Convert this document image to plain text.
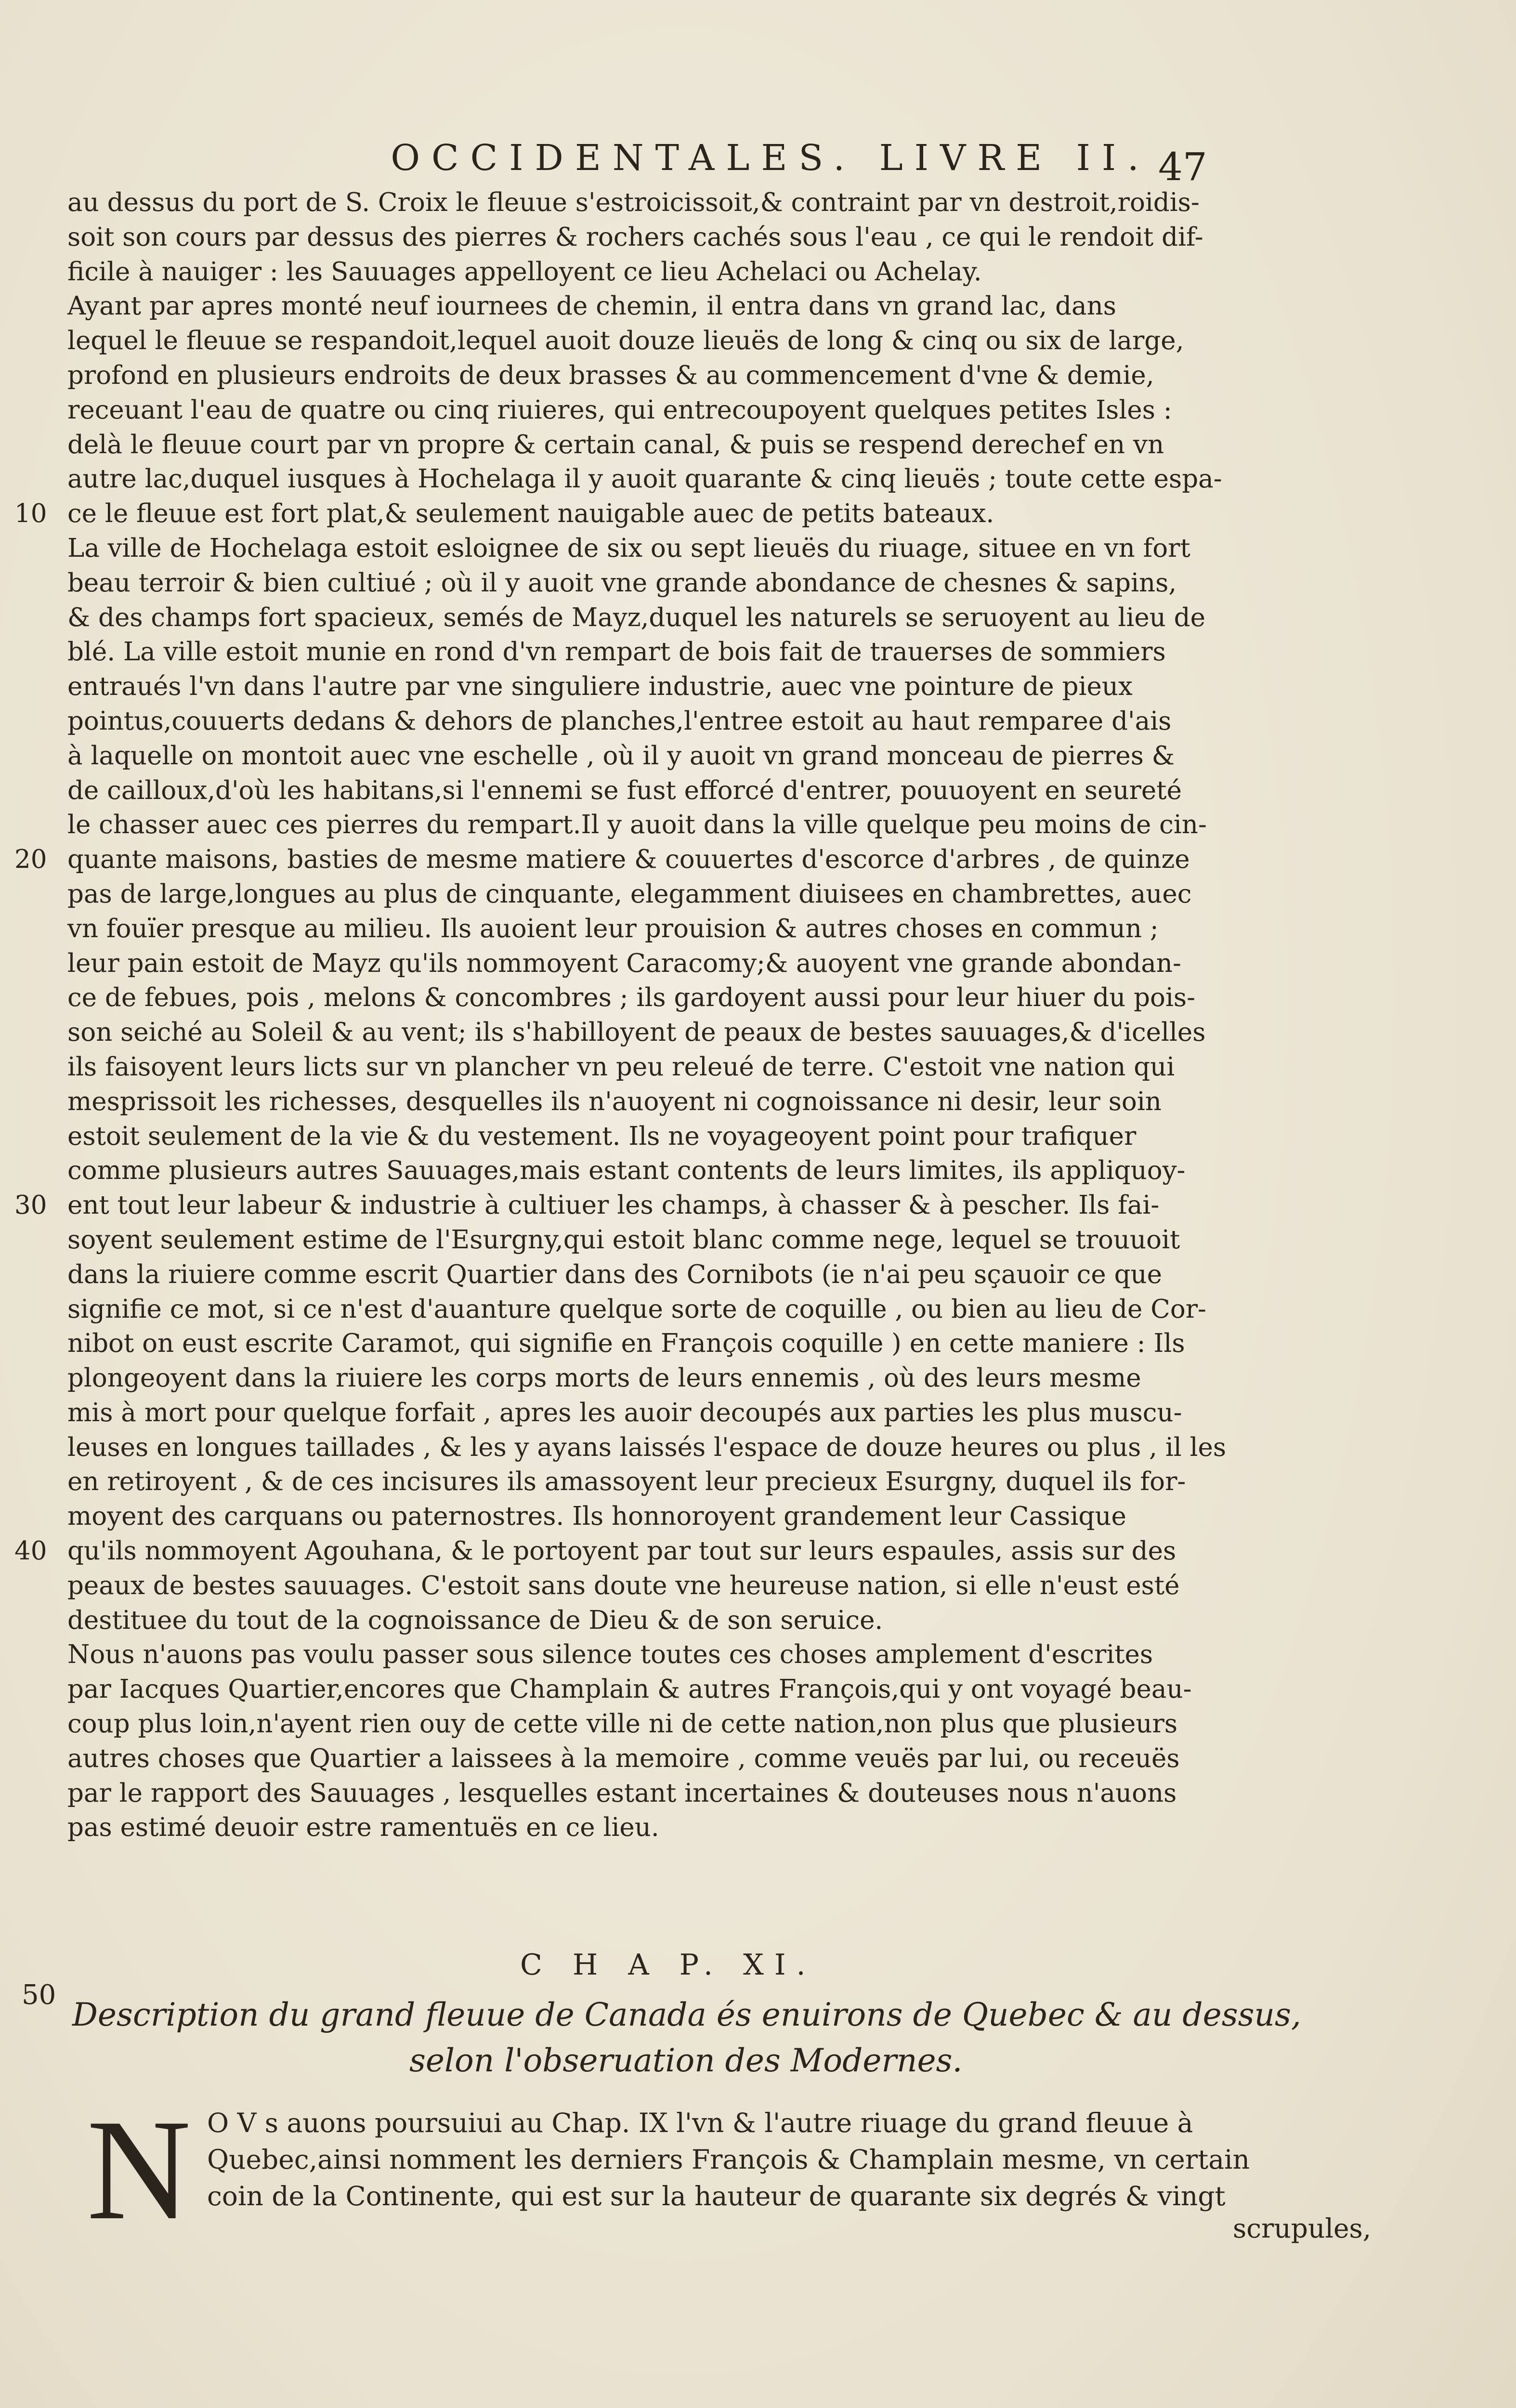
OCCIDENTALES. LIVRE II. 47
au dessus du port de S. Croix le fleuue s'estroicissoit,& contraint par vn destroit,roidis-
soit son cours par dessus des pierres & rochers cachés sous l'eau , ce qui le rendoit dif-
ficile à nauiger : les Sauuages appelloyent ce lieu Achelaci ou Achelay.
Ayant par apres monté neuf iournees de chemin, il entra dans vn grand lac, dans
lequel le fleuue se respandoit,lequel auoit douze lieuës de long & cinq ou six de large,
profond en plusieurs endroits de deux brasses & au commencement d'vne & demie,
receuant l'eau de quatre ou cinq riuieres, qui entrecoupoyent quelques petites Isles :
delà le fleuue court par vn propre & certain canal, & puis se respend derechef en vn
autre lac,duquel iusques à Hochelaga il y auoit quarante & cinq lieuës ; toute cette espa-
10 ce le fleuue est fort plat,& seulement nauigable auec de petits bateaux.
La ville de Hochelaga estoit esloignee de six ou sept lieuës du riuage, situee en vn fort
beau terroir & bien cultiué ; où il y auoit vne grande abondance de chesnes & sapins,
& des champs fort spacieux, semés de Mayz,duquel les naturels se seruoyent au lieu de
blé. La ville estoit munie en rond d'vn rempart de bois fait de trauerses de sommiers
entraués l'vn dans l'autre par vne singuliere industrie, auec vne pointure de pieux
pointus,couuerts dedans & dehors de planches,l'entree estoit au haut remparee d'ais
à laquelle on montoit auec vne eschelle , où il y auoit vn grand monceau de pierres &
de cailloux,d'où les habitans,si l'ennemi se fust efforcé d'entrer, pouuoyent en seureté
le chasser auec ces pierres du rempart.Il y auoit dans la ville quelque peu moins de cin-
20 quante maisons, basties de mesme matiere & couuertes d'escorce d'arbres , de quinze
pas de large,longues au plus de cinquante, elegamment diuisees en chambrettes, auec
vn fouïer presque au milieu. Ils auoient leur prouision & autres choses en commun ;
leur pain estoit de Mayz qu'ils nommoyent Caracomy;& auoyent vne grande abondan-
ce de febues, pois , melons & concombres ; ils gardoyent aussi pour leur hiuer du pois-
son seiché au Soleil & au vent; ils s'habilloyent de peaux de bestes sauuages,& d'icelles
ils faisoyent leurs licts sur vn plancher vn peu releué de terre. C'estoit vne nation qui
mesprissoit les richesses, desquelles ils n'auoyent ni cognoissance ni desir, leur soin
estoit seulement de la vie & du vestement. Ils ne voyageoyent point pour trafiquer
comme plusieurs autres Sauuages,mais estant contents de leurs limites, ils appliquoy-
30 ent tout leur labeur & industrie à cultiuer les champs, à chasser & à pescher. Ils fai-
soyent seulement estime de l'Esurgny,qui estoit blanc comme nege, lequel se trouuoit
dans la riuiere comme escrit Quartier dans des Cornibots (ie n'ai peu sçauoir ce que
signifie ce mot, si ce n'est d'auanture quelque sorte de coquille , ou bien au lieu de Cor-
nibot on eust escrite Caramot, qui signifie en François coquille ) en cette maniere : Ils
plongeoyent dans la riuiere les corps morts de leurs ennemis , où des leurs mesme
mis à mort pour quelque forfait , apres les auoir decoupés aux parties les plus muscu-
leuses en longues taillades , & les y ayans laissés l'espace de douze heures ou plus , il les
en retiroyent , & de ces incisures ils amassoyent leur precieux Esurgny, duquel ils for-
moyent des carquans ou paternostres. Ils honnoroyent grandement leur Cassique
40 qu'ils nommoyent Agouhana, & le portoyent par tout sur leurs espaules, assis sur des
peaux de bestes sauuages. C'estoit sans doute vne heureuse nation, si elle n'eust esté
destituee du tout de la cognoissance de Dieu & de son seruice.
Nous n'auons pas voulu passer sous silence toutes ces choses amplement d'escrites
par Iacques Quartier,encores que Champlain & autres François,qui y ont voyagé beau-
coup plus loin,n'ayent rien ouy de cette ville ni de cette nation,non plus que plusieurs
autres choses que Quartier a laissees à la memoire , comme veuës par lui, ou receuës
par le rapport des Sauuages , lesquelles estant incertaines & douteuses nous n'auons
pas estimé deuoir estre ramentuës en ce lieu.
C H A P. XI.
50
Description du grand fleuue de Canada és enuirons de Quebec & au dessus,
selon l'obseruation des Modernes.
N O V s auons poursuiui au Chap. IX l'vn & l'autre riuage du grand fleuue à
Quebec,ainsi nomment les derniers François & Champlain mesme, vn certain
coin de la Continente, qui est sur la hauteur de quarante six degrés & vingt
scrupules,
